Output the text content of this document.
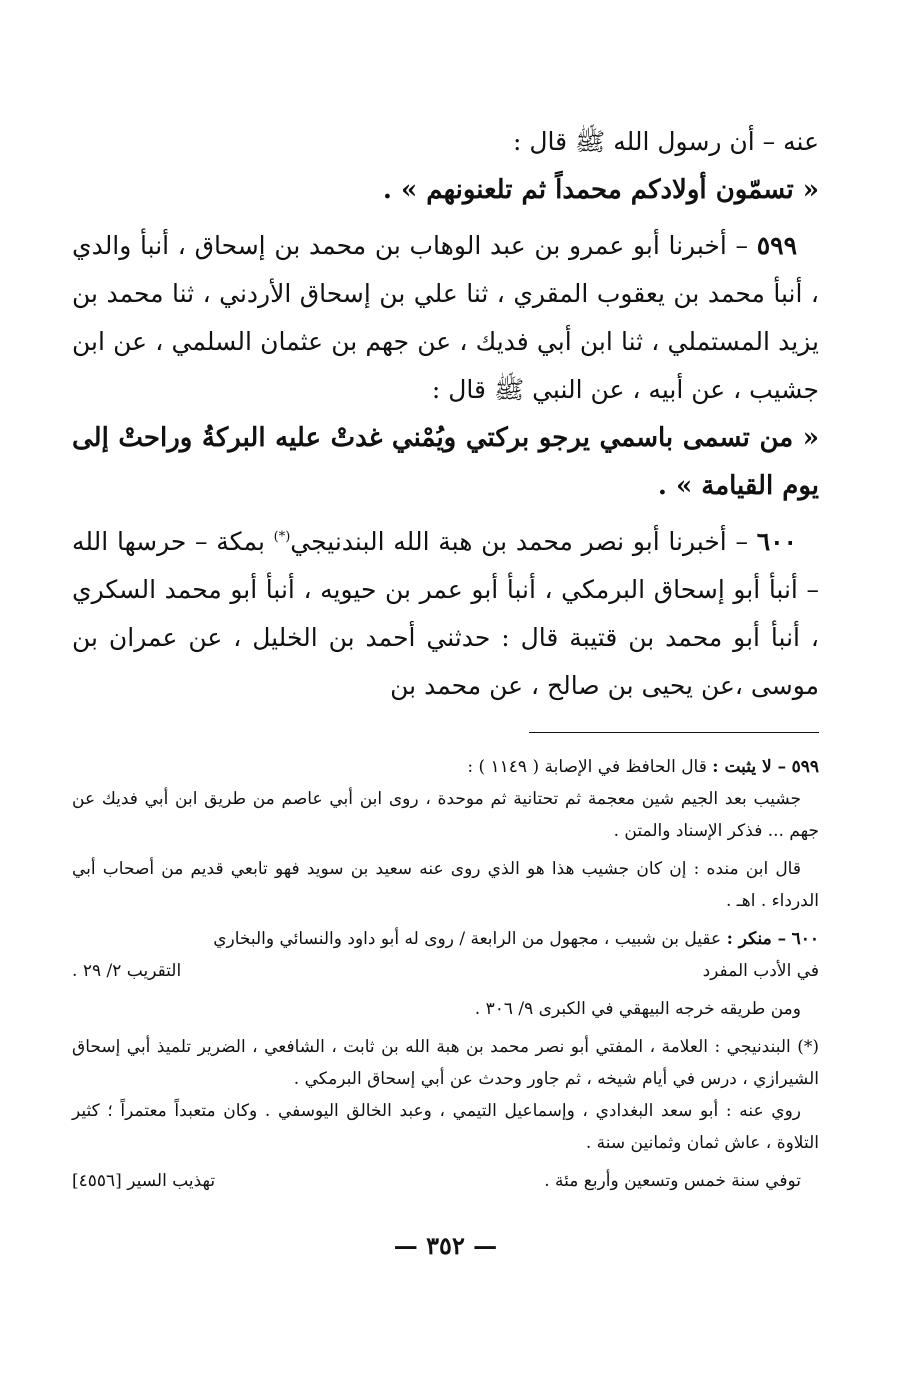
عنه – أن رسول الله ﷺ قال :

« تسمّون أولادكم محمداً ثم تلعنونهم » .

٥٩٩ – أخبرنا أبو عمرو بن عبد الوهاب بن محمد بن إسحاق ، أنبأ والدي ، أنبأ محمد بن يعقوب المقري ، ثنا علي بن إسحاق الأردني ، ثنا محمد بن يزيد المستملي ، ثنا ابن أبي فديك ، عن جهم بن عثمان السلمي ، عن ابن جشيب ، عن أبيه ، عن النبي ﷺ قال :

« من تسمى باسمي يرجو بركتي ويُمْني غدتْ عليه البركةُ وراحتْ إلى يوم القيامة » .

٦٠٠ – أخبرنا أبو نصر محمد بن هبة الله البندنيجي(*) بمكة – حرسها الله – أنبأ أبو إسحاق البرمكي ، أنبأ أبو عمر بن حيويه ، أنبأ أبو محمد السكري ، أنبأ أبو محمد بن قتيبة قال : حدثني أحمد بن الخليل ، عن عمران بن موسى ،عن يحيى بن صالح ، عن محمد بن

٥٩٩ – لا يثبت : قال الحافظ في الإصابة ( ١١٤٩ ) :

جشيب بعد الجيم شين معجمة ثم تحتانية ثم موحدة ، روى ابن أبي عاصم من طريق ابن أبي فديك عن جهم ... فذكر الإسناد والمتن .

قال ابن منده : إن كان جشيب هذا هو الذي روى عنه سعيد بن سويد فهو تابعي قديم من أصحاب أبي الدرداء . اهـ .

٦٠٠ – منكر : عقيل بن شبيب ، مجهول من الرابعة / روى له أبو داود والنسائي والبخاري

في الأدب المفرد
التقريب ٢/ ٢٩ .

ومن طريقه خرجه البيهقي في الكبرى ٩/ ٣٠٦ .

(*) البندنيجي : العلامة ، المفتي أبو نصر محمد بن هبة الله بن ثابت ، الشافعي ، الضرير تلميذ أبي إسحاق الشيرازي ، درس في أيام شيخه ، ثم جاور وحدث عن أبي إسحاق البرمكي .

روي عنه : أبو سعد البغدادي ، وإسماعيل التيمي ، وعبد الخالق اليوسفي . وكان متعبداً معتمراً ؛ كثير التلاوة ، عاش ثمان وثمانين سنة .

توفي سنة خمس وتسعين وأربع مئة .
تهذيب السير [٤٥٥٦]
— ٣٥٢ —
